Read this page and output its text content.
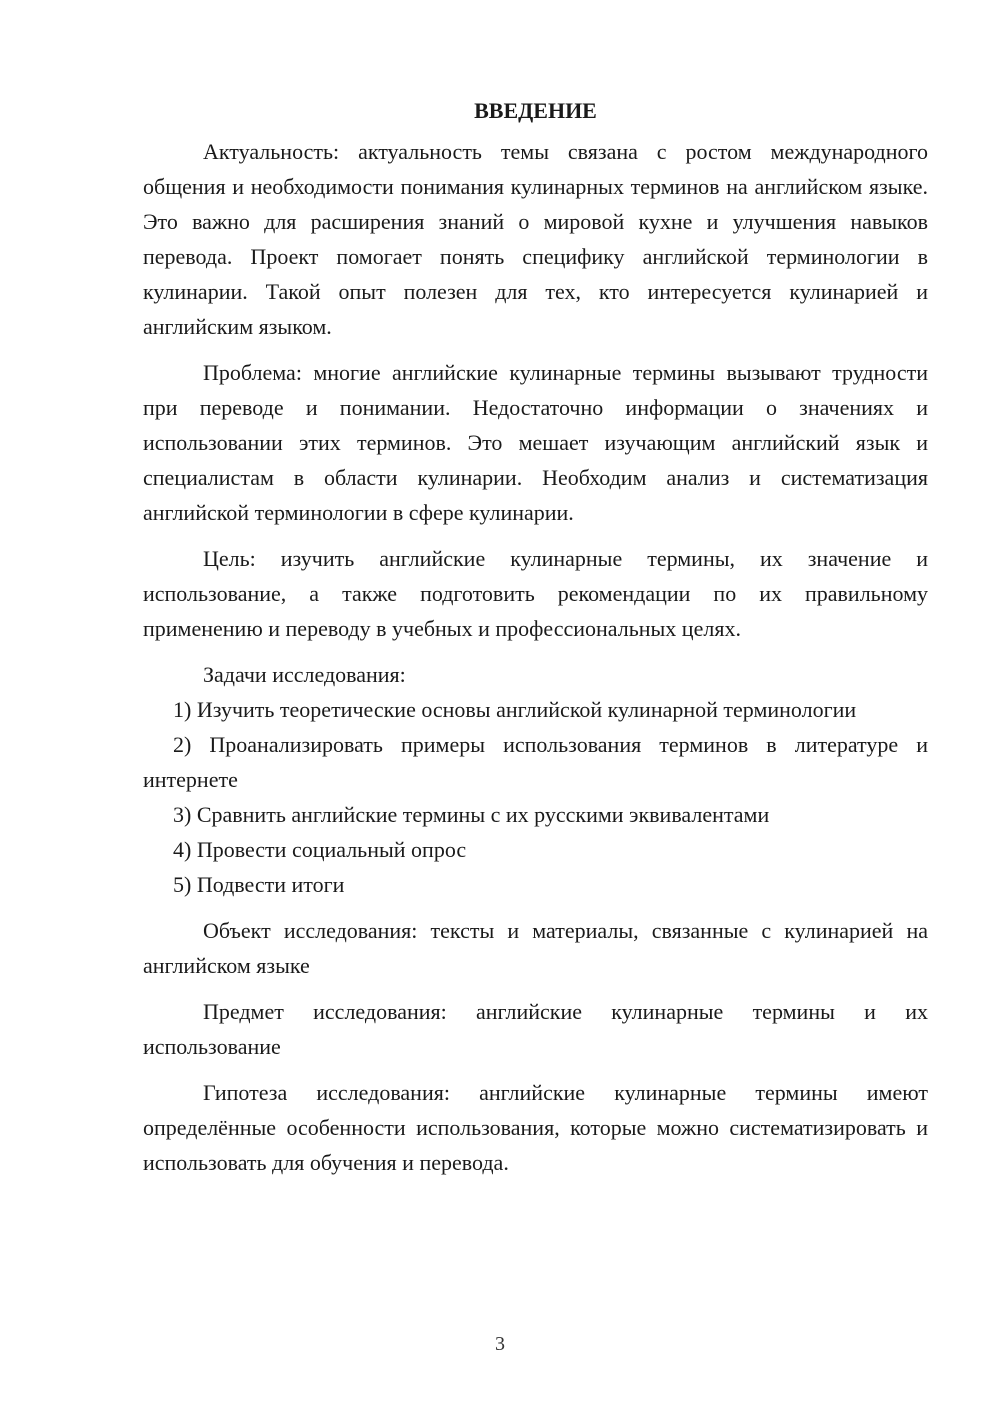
ВВЕДЕНИЕ

Актуальность: актуальность темы связана с ростом международного общения и необходимости понимания кулинарных терминов на английском языке. Это важно для расширения знаний о мировой кухне и улучшения навыков перевода. Проект помогает понять специфику английской терминологии в кулинарии. Такой опыт полезен для тех, кто интересуется кулинарией и английским языком.

Проблема: многие английские кулинарные термины вызывают трудности при переводе и понимании. Недостаточно информации о значениях и использовании этих терминов. Это мешает изучающим английский язык и специалистам в области кулинарии. Необходим анализ и систематизация английской терминологии в сфере кулинарии.

Цель: изучить английские кулинарные термины, их значение и использование, а также подготовить рекомендации по их правильному применению и переводу в учебных и профессиональных целях.

Задачи исследования:

1) Изучить теоретические основы английской кулинарной терминологии

2) Проанализировать примеры использования терминов в литературе и интернете

3) Сравнить английские термины с их русскими эквивалентами

4) Провести социальный опрос

5) Подвести итоги

Объект исследования: тексты и материалы, связанные с кулинарией на английском языке

Предмет исследования: английские кулинарные термины и их использование

Гипотеза исследования: английские кулинарные термины имеют определённые особенности использования, которые можно систематизировать и использовать для обучения и перевода.

3
